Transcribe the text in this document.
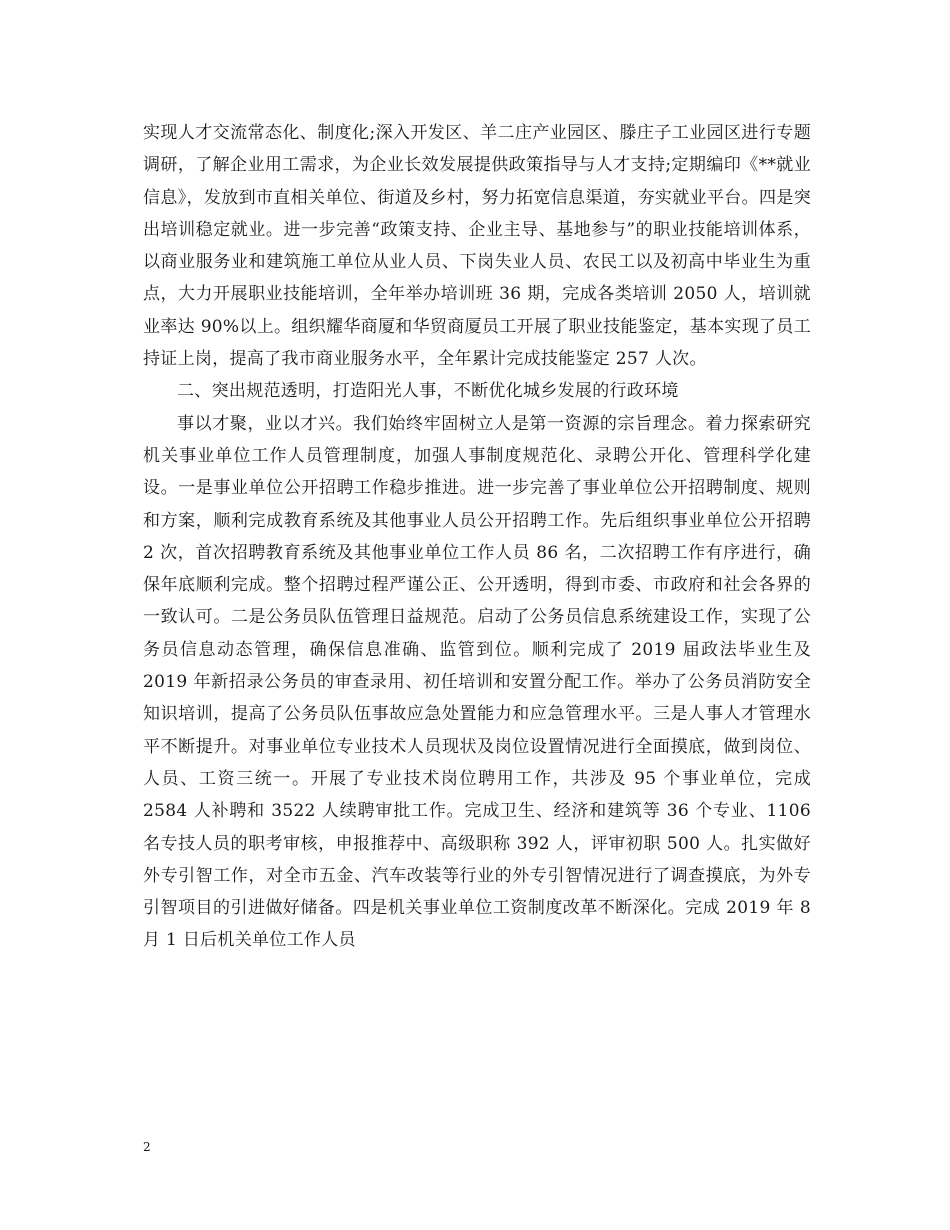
实现人才交流常态化、制度化;深入开发区、羊二庄产业园区、滕庄子工业园区进行专题调研，了解企业用工需求，为企业长效发展提供政策指导与人才支持;定期编印《**就业信息》，发放到市直相关单位、街道及乡村，努力拓宽信息渠道，夯实就业平台。四是突出培训稳定就业。进一步完善“政策支持、企业主导、基地参与”的职业技能培训体系，以商业服务业和建筑施工单位从业人员、下岗失业人员、农民工以及初高中毕业生为重点，大力开展职业技能培训，全年举办培训班 36 期，完成各类培训 2050 人，培训就业率达 90%以上。组织耀华商厦和华贸商厦员工开展了职业技能鉴定，基本实现了员工持证上岗，提高了我市商业服务水平，全年累计完成技能鉴定 257 人次。

二、突出规范透明，打造阳光人事，不断优化城乡发展的行政环境

事以才聚，业以才兴。我们始终牢固树立人是第一资源的宗旨理念。着力探索研究机关事业单位工作人员管理制度，加强人事制度规范化、录聘公开化、管理科学化建设。一是事业单位公开招聘工作稳步推进。进一步完善了事业单位公开招聘制度、规则和方案，顺利完成教育系统及其他事业人员公开招聘工作。先后组织事业单位公开招聘 2 次，首次招聘教育系统及其他事业单位工作人员 86 名，二次招聘工作有序进行，确保年底顺利完成。整个招聘过程严谨公正、公开透明，得到市委、市政府和社会各界的一致认可。二是公务员队伍管理日益规范。启动了公务员信息系统建设工作，实现了公务员信息动态管理，确保信息准确、监管到位。顺利完成了 2019 届政法毕业生及 2019 年新招录公务员的审查录用、初任培训和安置分配工作。举办了公务员消防安全知识培训，提高了公务员队伍事故应急处置能力和应急管理水平。三是人事人才管理水平不断提升。对事业单位专业技术人员现状及岗位设置情况进行全面摸底，做到岗位、人员、工资三统一。开展了专业技术岗位聘用工作，共涉及 95 个事业单位，完成 2584 人补聘和 3522 人续聘审批工作。完成卫生、经济和建筑等 36 个专业、1106 名专技人员的职考审核，申报推荐中、高级职称 392 人，评审初职 500 人。扎实做好外专引智工作，对全市五金、汽车改装等行业的外专引智情况进行了调查摸底，为外专引智项目的引进做好储备。四是机关事业单位工资制度改革不断深化。完成 2019 年 8 月 1 日后机关单位工作人员

2
